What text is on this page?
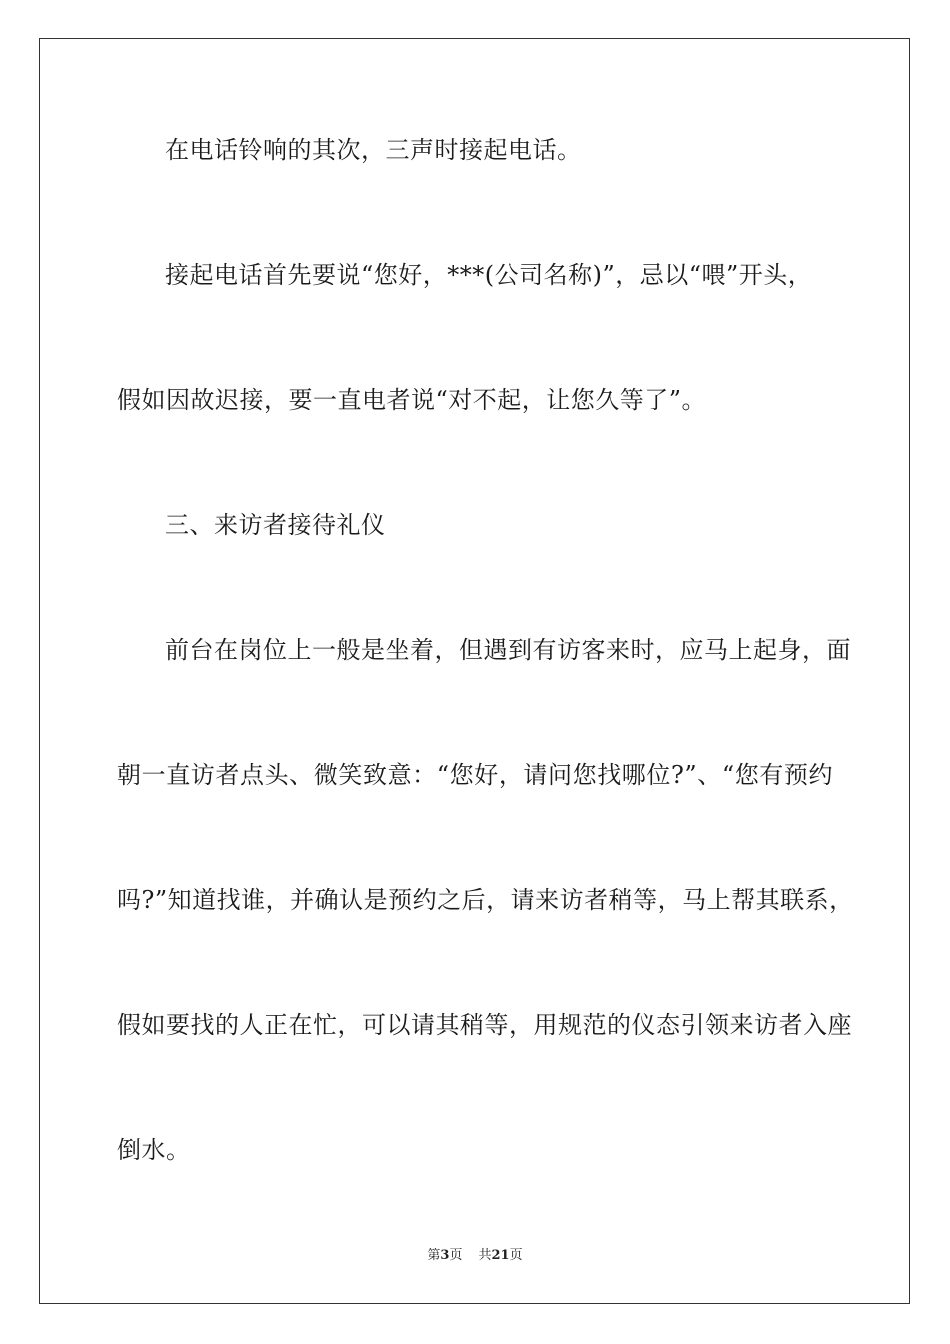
在电话铃响的其次，三声时接起电话。
接起电话首先要说“您好，***(公司名称)”，忌以“喂”开头，
假如因故迟接，要一直电者说“对不起，让您久等了”。
三、来访者接待礼仪
前台在岗位上一般是坐着，但遇到有访客来时，应马上起身，面
朝一直访者点头、微笑致意：“您好，请问您找哪位?”、“您有预约
吗?”知道找谁，并确认是预约之后，请来访者稍等，马上帮其联系，
假如要找的人正在忙，可以请其稍等，用规范的仪态引领来访者入座
倒水。
第3页 共21页
